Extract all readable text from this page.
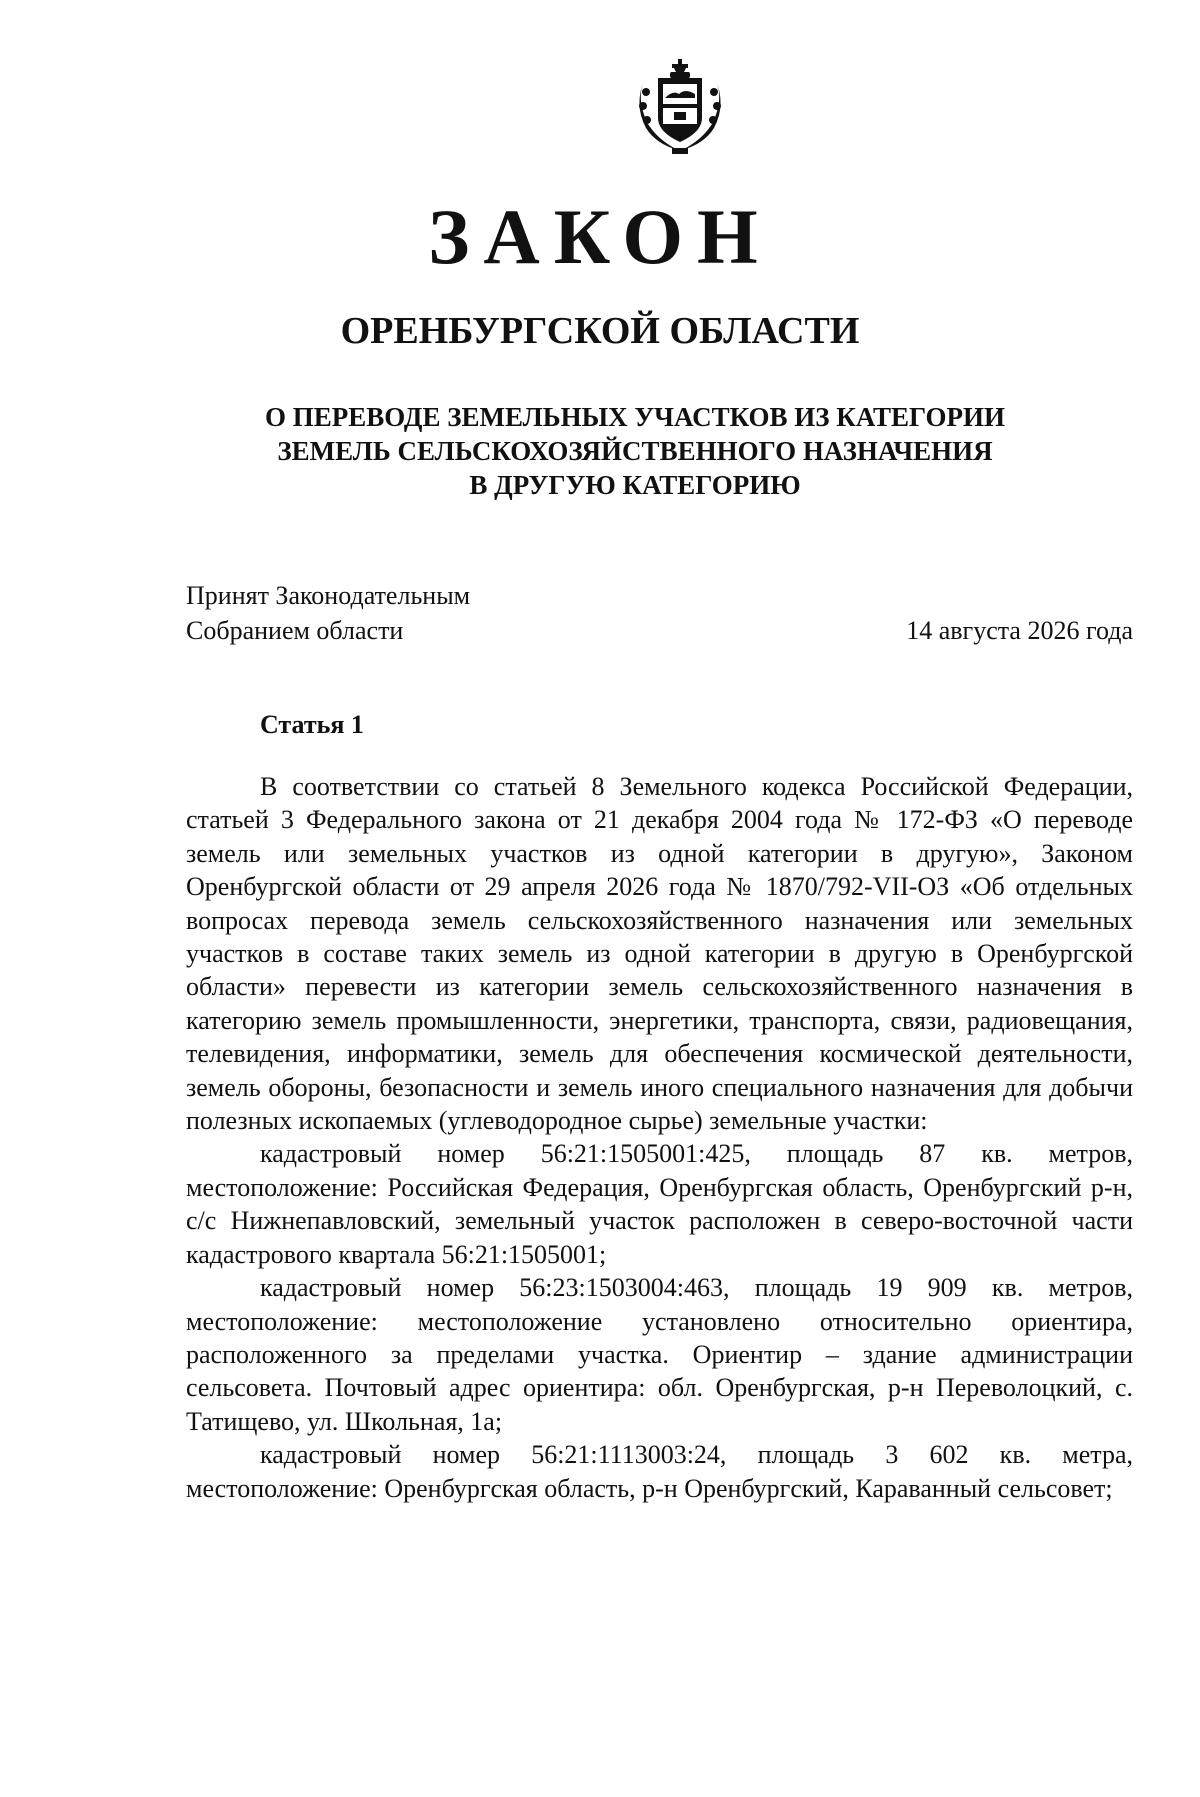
ЗАКОН
ОРЕНБУРГСКОЙ ОБЛАСТИ
О ПЕРЕВОДЕ ЗЕМЕЛЬНЫХ УЧАСТКОВ ИЗ КАТЕГОРИИ
ЗЕМЕЛЬ СЕЛЬСКОХОЗЯЙСТВЕННОГО НАЗНАЧЕНИЯ
В ДРУГУЮ КАТЕГОРИЮ
Принят Законодательным
Собранием области	14 августа 2026 года
Статья 1

В соответствии со статьей 8 Земельного кодекса Российской Федерации, статьей 3 Федерального закона от 21 декабря 2004 года № 172-ФЗ «О переводе земель или земельных участков из одной категории в другую», Законом Оренбургской области от 29 апреля 2026 года № 1870/792-VII-ОЗ «Об отдельных вопросах перевода земель сельскохозяйственного назначения или земельных участков в составе таких земель из одной категории в другую в Оренбургской области» перевести из категории земель сельскохозяйственного назначения в категорию земель промышленности, энергетики, транспорта, связи, радиовещания, телевидения, информатики, земель для обеспечения космической деятельности, земель обороны, безопасности и земель иного специального назначения для добычи полезных ископаемых (углеводородное сырье) земельные участки:

кадастровый номер 56:21:1505001:425, площадь 87 кв. метров, местоположение: Российская Федерация, Оренбургская область, Оренбургский р-н, с/с Нижнепавловский, земельный участок расположен в северо-восточной части кадастрового квартала 56:21:1505001;

кадастровый номер 56:23:1503004:463, площадь 19 909 кв. метров, местоположение: местоположение установлено относительно ориентира, расположенного за пределами участка. Ориентир – здание администрации сельсовета. Почтовый адрес ориентира: обл. Оренбургская, р-н Переволоцкий, с. Татищево, ул. Школьная, 1а;

кадастровый номер 56:21:1113003:24, площадь 3 602 кв. метра, местоположение: Оренбургская область, р-н Оренбургский, Караванный сельсовет;
